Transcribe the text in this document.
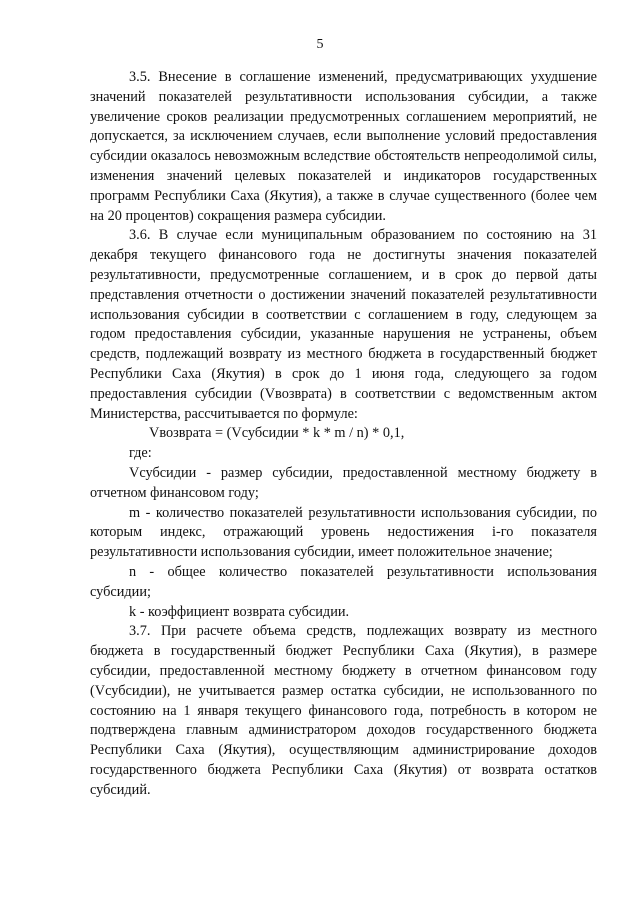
5

3.5. Внесение в соглашение изменений, предусматривающих ухудшение значений показателей результативности использования субсидии, а также увеличение сроков реализации предусмотренных соглашением мероприятий, не допускается, за исключением случаев, если выполнение условий предоставления субсидии оказалось невозможным вследствие обстоятельств непреодолимой силы, изменения значений целевых показателей и индикаторов государственных программ Республики Саха (Якутия), а также в случае существенного (более чем на 20 процентов) сокращения размера субсидии.

3.6. В случае если муниципальным образованием по состоянию на 31 декабря текущего финансового года не достигнуты значения показателей результативности, предусмотренные соглашением, и в срок до первой даты представления отчетности о достижении значений показателей результативности использования субсидии в соответствии с соглашением в году, следующем за годом предоставления субсидии, указанные нарушения не устранены, объем средств, подлежащий возврату из местного бюджета в государственный бюджет Республики Саха (Якутия) в срок до 1 июня года, следующего за годом предоставления субсидии (Vвозврата) в соответствии с ведомственным актом Министерства, рассчитывается по формуле:

Vвозврата = (Vсубсидии * k * m / n) * 0,1,

где:

Vсубсидии - размер субсидии, предоставленной местному бюджету в отчетном финансовом году;

m - количество показателей результативности использования субсидии, по которым индекс, отражающий уровень недостижения i-го показателя результативности использования субсидии, имеет положительное значение;

n - общее количество показателей результативности использования субсидии;

k - коэффициент возврата субсидии.

3.7. При расчете объема средств, подлежащих возврату из местного бюджета в государственный бюджет Республики Саха (Якутия), в размере субсидии, предоставленной местному бюджету в отчетном финансовом году (Vсубсидии), не учитывается размер остатка субсидии, не использованного по состоянию на 1 января текущего финансового года, потребность в котором не подтверждена главным администратором доходов государственного бюджета Республики Саха (Якутия), осуществляющим администрирование доходов государственного бюджета Республики Саха (Якутия) от возврата остатков субсидий.
